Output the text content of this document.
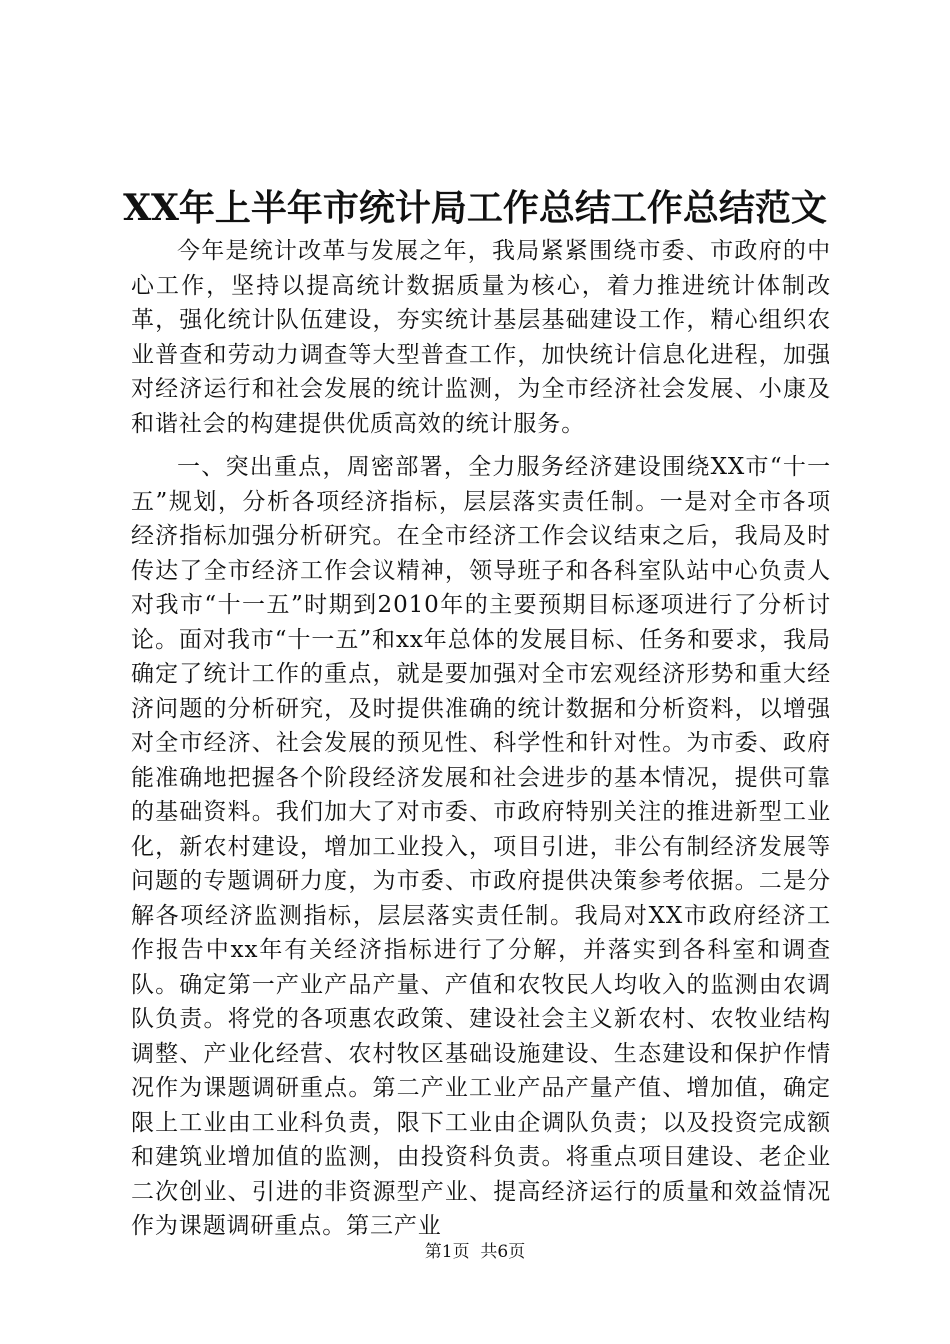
XX年上半年市统计局工作总结工作总结范文

今年是统计改革与发展之年，我局紧紧围绕市委、市政府的中心工作，坚持以提高统计数据质量为核心，着力推进统计体制改革，强化统计队伍建设，夯实统计基层基础建设工作，精心组织农业普查和劳动力调查等大型普查工作，加快统计信息化进程，加强对经济运行和社会发展的统计监测，为全市经济社会发展、小康及和谐社会的构建提供优质高效的统计服务。

一、突出重点，周密部署，全力服务经济建设围绕XX市“十一五”规划，分析各项经济指标，层层落实责任制。一是对全市各项经济指标加强分析研究。在全市经济工作会议结束之后，我局及时传达了全市经济工作会议精神，领导班子和各科室队站中心负责人对我市“十一五”时期到2010年的主要预期目标逐项进行了分析讨论。面对我市“十一五”和xx年总体的发展目标、任务和要求，我局确定了统计工作的重点，就是要加强对全市宏观经济形势和重大经济问题的分析研究，及时提供准确的统计数据和分析资料，以增强对全市经济、社会发展的预见性、科学性和针对性。为市委、政府能准确地把握各个阶段经济发展和社会进步的基本情况，提供可靠的基础资料。我们加大了对市委、市政府特别关注的推进新型工业化，新农村建设，增加工业投入，项目引进，非公有制经济发展等问题的专题调研力度，为市委、市政府提供决策参考依据。二是分解各项经济监测指标，层层落实责任制。我局对XX市政府经济工作报告中xx年有关经济指标进行了分解，并落实到各科室和调查队。确定第一产业产品产量、产值和农牧民人均收入的监测由农调队负责。将党的各项惠农政策、建设社会主义新农村、农牧业结构调整、产业化经营、农村牧区基础设施建设、生态建设和保护作情况作为课题调研重点。第二产业工业产品产量产值、增加值，确定限上工业由工业科负责，限下工业由企调队负责；以及投资完成额和建筑业增加值的监测，由投资科负责。将重点项目建设、老企业二次创业、引进的非资源型产业、提高经济运行的质量和效益情况作为课题调研重点。第三产业

第1页 共6页
